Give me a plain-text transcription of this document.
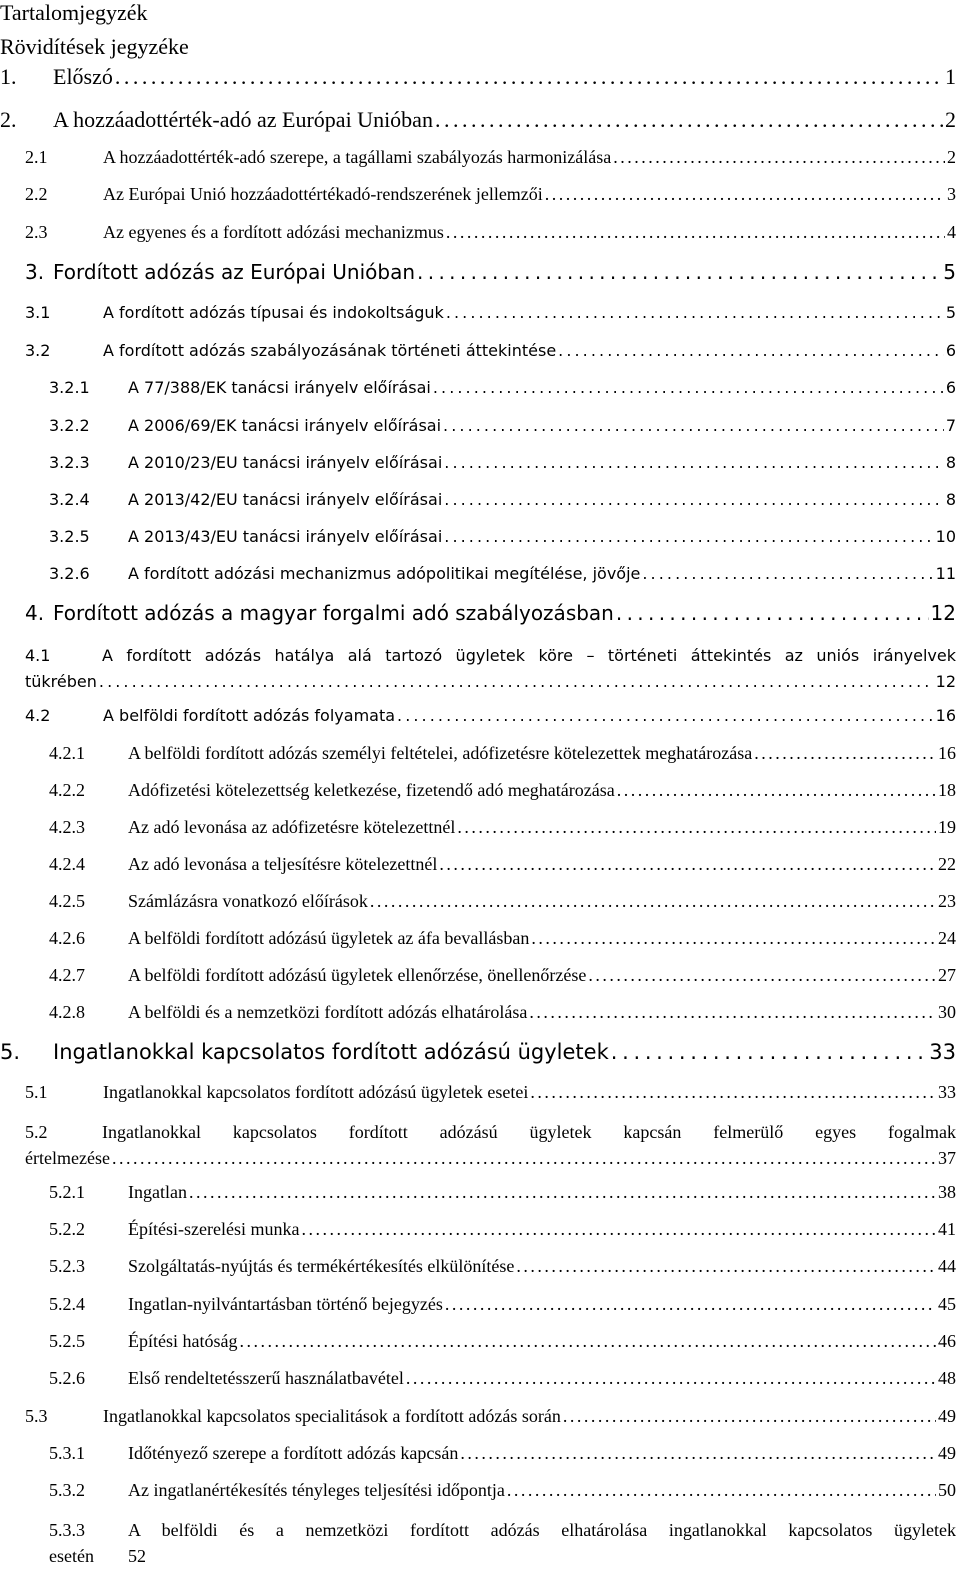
Tartalomjegyzék
Rövidítések jegyzéke
1.	Előszó . . .	1
2.	A hozzáadottérték-adó az Európai Unióban . . .	2
2.1	A hozzáadottérték-adó szerepe, a tagállami szabályozás harmonizálása . . .	2
2.2	Az Európai Unió hozzáadottértékadó-rendszerének jellemzői . . .	3
2.3	Az egyenes és a fordított adózási mechanizmus . . .	4
3. Fordított adózás az Európai Unióban . . .	5
3.1	A fordított adózás típusai és indokoltságuk . . .	5
3.2	A fordított adózás szabályozásának történeti áttekintése . . .	6
3.2.1	A 77/388/EK tanácsi irányelv előírásai . . .	6
3.2.2	A 2006/69/EK tanácsi irányelv előírásai . . .	7
3.2.3	A 2010/23/EU tanácsi irányelv előírásai . . .	8
3.2.4	A 2013/42/EU tanácsi irányelv előírásai . . .	8
3.2.5	A 2013/43/EU tanácsi irányelv előírásai . . .	10
3.2.6	A fordított adózási mechanizmus adópolitikai megítélése, jövője . . .	11
4. Fordított adózás a magyar forgalmi adó szabályozásban . . .	12
4.1	A fordított adózás hatálya alá tartozó ügyletek köre – történeti áttekintés az uniós irányelvek
tükrében . . .	12
4.2	A belföldi fordított adózás folyamata . . .	16
4.2.1	A belföldi fordított adózás személyi feltételei, adófizetésre kötelezettek meghatározása . . .	16
4.2.2	Adófizetési kötelezettség keletkezése, fizetendő adó meghatározása . . .	18
4.2.3	Az adó levonása az adófizetésre kötelezettnél . . .	19
4.2.4	Az adó levonása a teljesítésre kötelezettnél . . .	22
4.2.5	Számlázásra vonatkozó előírások . . .	23
4.2.6	A belföldi fordított adózású ügyletek az áfa bevallásban . . .	24
4.2.7	A belföldi fordított adózású ügyletek ellenőrzése, önellenőrzése . . .	27
4.2.8	A belföldi és a nemzetközi fordított adózás elhatárolása . . .	30
5.	Ingatlanokkal kapcsolatos fordított adózású ügyletek . . .	33
5.1	Ingatlanokkal kapcsolatos fordított adózású ügyletek esetei . . .	33
5.2	Ingatlanokkal kapcsolatos fordított adózású ügyletek kapcsán felmerülő egyes fogalmak
értelmezése . . .	37
5.2.1	Ingatlan . . .	38
5.2.2	Építési-szerelési munka . . .	41
5.2.3	Szolgáltatás-nyújtás és termékértékesítés elkülönítése . . .	44
5.2.4	Ingatlan-nyilvántartásban történő bejegyzés . . .	45
5.2.5	Építési hatóság . . .	46
5.2.6	Első rendeltetésszerű használatbavétel . . .	48
5.3	Ingatlanokkal kapcsolatos specialitások a fordított adózás során . . .	49
5.3.1	Időtényező szerepe a fordított adózás kapcsán . . .	49
5.3.2	Az ingatlanértékesítés tényleges teljesítési időpontja . . .	50
5.3.3	A belföldi és a nemzetközi fordított adózás elhatárolása ingatlanokkal kapcsolatos ügyletek
esetén 52
